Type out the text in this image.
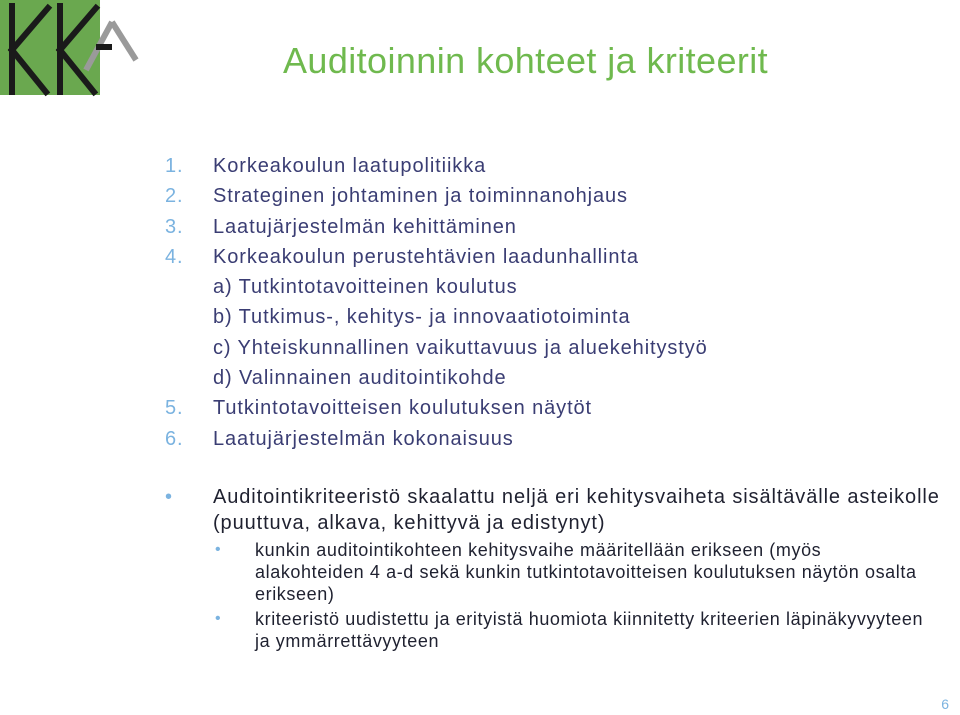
Auditoinnin kohteet ja kriteerit
1. Korkeakoulun laatupolitiikka
2. Strateginen johtaminen ja toiminnanohjaus
3. Laatujärjestelmän kehittäminen
4. Korkeakoulun perustehtävien laadunhallinta
a) Tutkintotavoitteinen koulutus
b) Tutkimus-, kehitys- ja innovaatiotoiminta
c) Yhteiskunnallinen vaikuttavuus ja aluekehitystyö
d) Valinnainen auditointikohde
5. Tutkintotavoitteisen koulutuksen näytöt
6. Laatujärjestelmän kokonaisuus
• Auditointikriteeristö skaalattu neljä eri kehitysvaiheta sisältävälle asteikolle (puuttuva, alkava, kehittyvä ja edistynyt)
• kunkin auditointikohteen kehitysvaihe määritellään erikseen (myös alakohteiden 4 a-d sekä kunkin tutkintotavoitteisen koulutuksen näytön osalta erikseen)
• kriteeristö uudistettu ja erityistä huomiota kiinnitetty kriteerien läpinäkyvyyteen ja ymmärrettävyyteen
6
